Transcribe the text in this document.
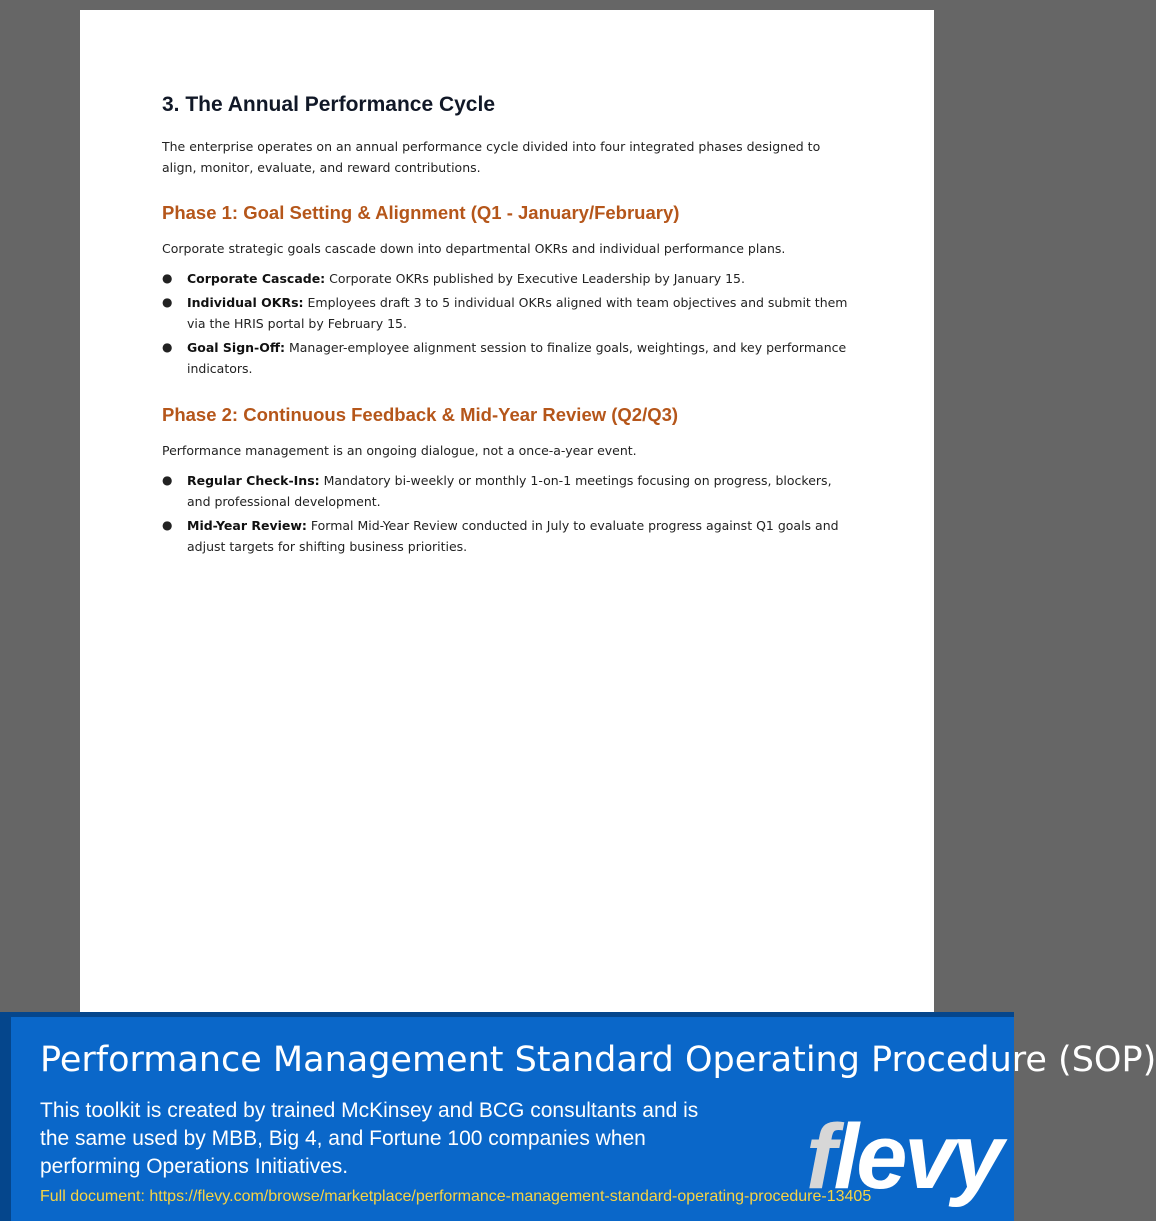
3. The Annual Performance Cycle

The enterprise operates on an annual performance cycle divided into four integrated phases designed to align, monitor, evaluate, and reward contributions.

Phase 1: Goal Setting & Alignment (Q1 - January/February)

Corporate strategic goals cascade down into departmental OKRs and individual performance plans.

● Corporate Cascade: Corporate OKRs published by Executive Leadership by January 15.
● Individual OKRs: Employees draft 3 to 5 individual OKRs aligned with team objectives and submit them via the HRIS portal by February 15.
● Goal Sign-Off: Manager-employee alignment session to finalize goals, weightings, and key performance indicators.
Phase 2: Continuous Feedback & Mid-Year Review (Q2/Q3)

Performance management is an ongoing dialogue, not a once-a-year event.

● Regular Check-Ins: Mandatory bi-weekly or monthly 1-on-1 meetings focusing on progress, blockers, and professional development.
● Mid-Year Review: Formal Mid-Year Review conducted in July to evaluate progress against Q1 goals and adjust targets for shifting business priorities.
Performance Management Standard Operating Procedure (SOP)
This toolkit is created by trained McKinsey and BCG consultants and is the same used by MBB, Big 4, and Fortune 100 companies when performing Operations Initiatives.
Full document: https://flevy.com/browse/marketplace/performance-management-standard-operating-procedure-13405
flevy
